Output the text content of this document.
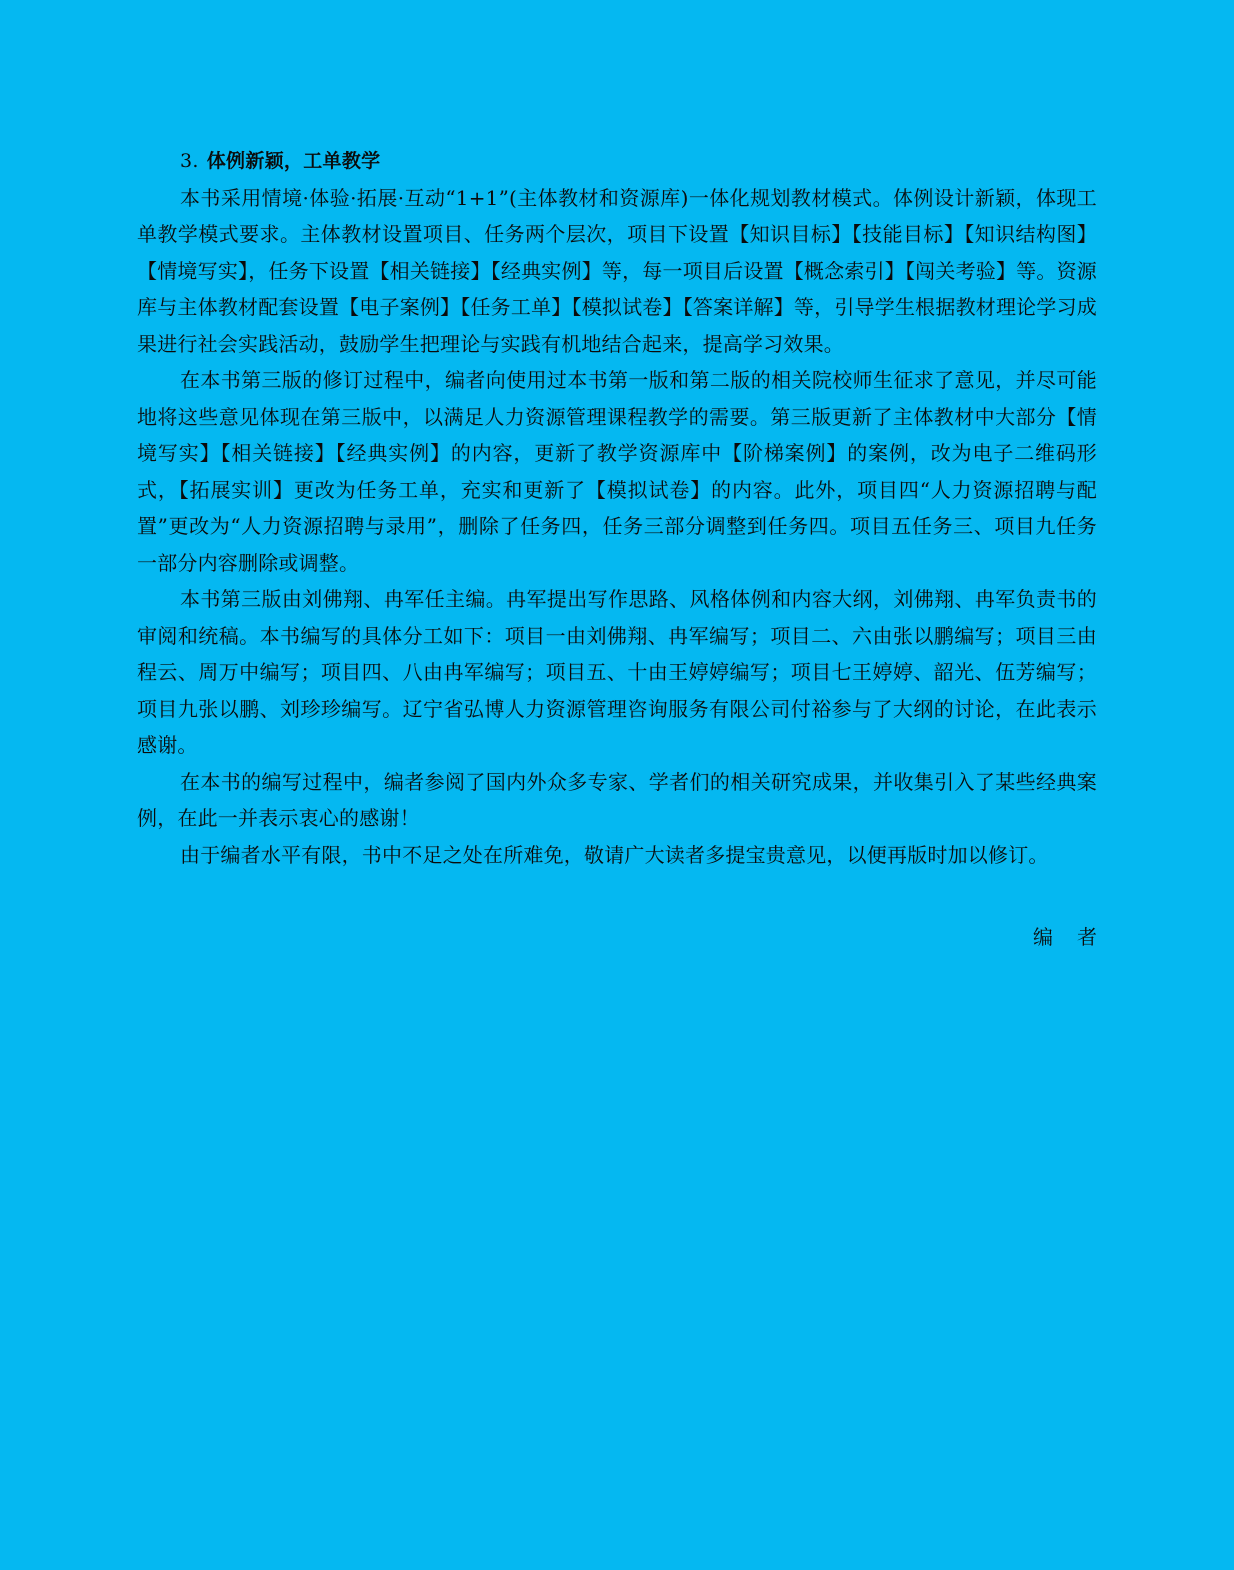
3. 体例新颖，工单教学

本书采用情境·体验·拓展·互动“1+1”(主体教材和资源库)一体化规划教材模式。体例设计新颖，体现工单教学模式要求。主体教材设置项目、任务两个层次，项目下设置【知识目标】【技能目标】【知识结构图】【情境写实】，任务下设置【相关链接】【经典实例】等，每一项目后设置【概念索引】【闯关考验】等。资源库与主体教材配套设置【电子案例】【任务工单】【模拟试卷】【答案详解】等，引导学生根据教材理论学习成果进行社会实践活动，鼓励学生把理论与实践有机地结合起来，提高学习效果。

在本书第三版的修订过程中，编者向使用过本书第一版和第二版的相关院校师生征求了意见，并尽可能地将这些意见体现在第三版中，以满足人力资源管理课程教学的需要。第三版更新了主体教材中大部分【情境写实】【相关链接】【经典实例】的内容，更新了教学资源库中【阶梯案例】的案例，改为电子二维码形式，【拓展实训】更改为任务工单，充实和更新了【模拟试卷】的内容。此外，项目四“人力资源招聘与配置”更改为“人力资源招聘与录用”，删除了任务四，任务三部分调整到任务四。项目五任务三、项目九任务一部分内容删除或调整。

本书第三版由刘佛翔、冉军任主编。冉军提出写作思路、风格体例和内容大纲，刘佛翔、冉军负责书的审阅和统稿。本书编写的具体分工如下：项目一由刘佛翔、冉军编写；项目二、六由张以鹏编写；项目三由程云、周万中编写；项目四、八由冉军编写；项目五、十由王婷婷编写；项目七王婷婷、韶光、伍芳编写；项目九张以鹏、刘珍珍编写。辽宁省弘博人力资源管理咨询服务有限公司付裕参与了大纲的讨论，在此表示感谢。

在本书的编写过程中，编者参阅了国内外众多专家、学者们的相关研究成果，并收集引入了某些经典案例，在此一并表示衷心的感谢！

由于编者水平有限，书中不足之处在所难免，敬请广大读者多提宝贵意见，以便再版时加以修订。

编者
